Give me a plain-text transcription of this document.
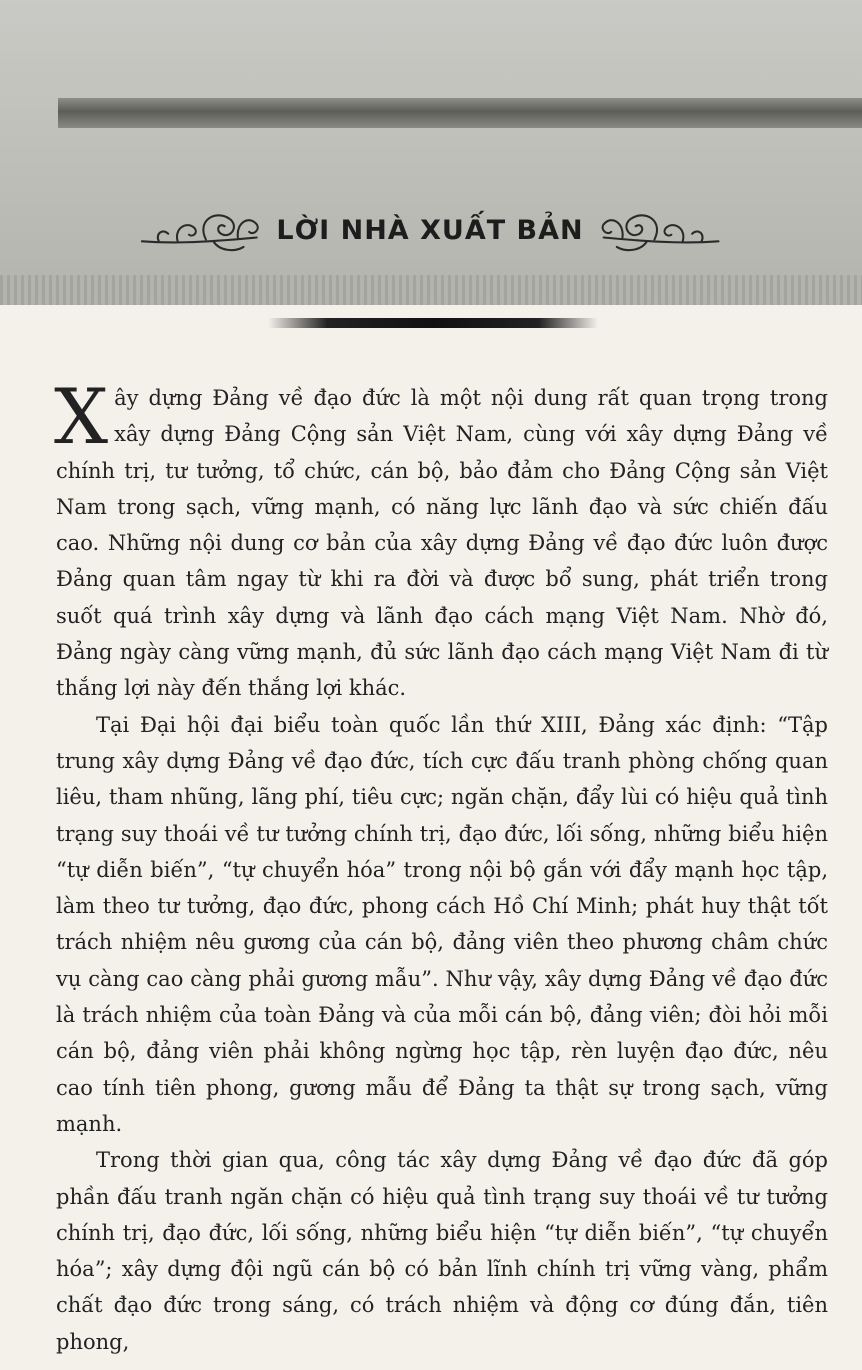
LỜI NHÀ XUẤT BẢN

Xây dựng Đảng về đạo đức là một nội dung rất quan trọng trong xây dựng Đảng Cộng sản Việt Nam, cùng với xây dựng Đảng về chính trị, tư tưởng, tổ chức, cán bộ, bảo đảm cho Đảng Cộng sản Việt Nam trong sạch, vững mạnh, có năng lực lãnh đạo và sức chiến đấu cao. Những nội dung cơ bản của xây dựng Đảng về đạo đức luôn được Đảng quan tâm ngay từ khi ra đời và được bổ sung, phát triển trong suốt quá trình xây dựng và lãnh đạo cách mạng Việt Nam. Nhờ đó, Đảng ngày càng vững mạnh, đủ sức lãnh đạo cách mạng Việt Nam đi từ thắng lợi này đến thắng lợi khác.

Tại Đại hội đại biểu toàn quốc lần thứ XIII, Đảng xác định: “Tập trung xây dựng Đảng về đạo đức, tích cực đấu tranh phòng chống quan liêu, tham nhũng, lãng phí, tiêu cực; ngăn chặn, đẩy lùi có hiệu quả tình trạng suy thoái về tư tưởng chính trị, đạo đức, lối sống, những biểu hiện “tự diễn biến”, “tự chuyển hóa” trong nội bộ gắn với đẩy mạnh học tập, làm theo tư tưởng, đạo đức, phong cách Hồ Chí Minh; phát huy thật tốt trách nhiệm nêu gương của cán bộ, đảng viên theo phương châm chức vụ càng cao càng phải gương mẫu”. Như vậy, xây dựng Đảng về đạo đức là trách nhiệm của toàn Đảng và của mỗi cán bộ, đảng viên; đòi hỏi mỗi cán bộ, đảng viên phải không ngừng học tập, rèn luyện đạo đức, nêu cao tính tiên phong, gương mẫu để Đảng ta thật sự trong sạch, vững mạnh.

Trong thời gian qua, công tác xây dựng Đảng về đạo đức đã góp phần đấu tranh ngăn chặn có hiệu quả tình trạng suy thoái về tư tưởng chính trị, đạo đức, lối sống, những biểu hiện “tự diễn biến”, “tự chuyển hóa”; xây dựng đội ngũ cán bộ có bản lĩnh chính trị vững vàng, phẩm chất đạo đức trong sáng, có trách nhiệm và động cơ đúng đắn, tiên phong,
